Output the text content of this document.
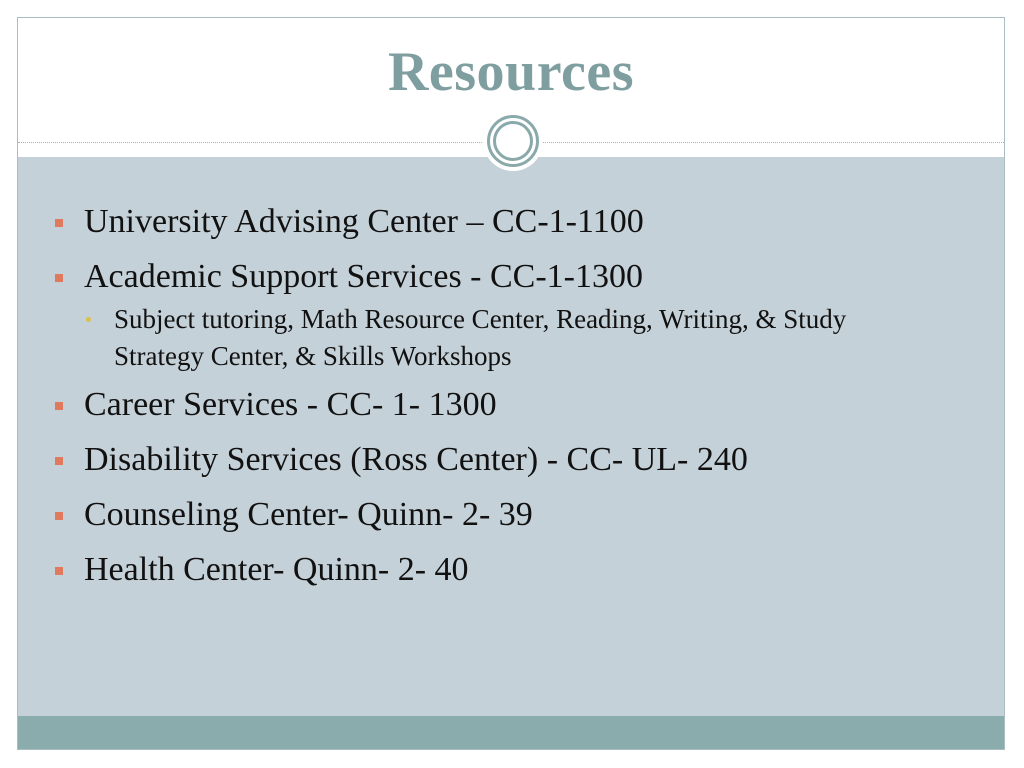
Resources
University Advising Center – CC-1-1100
Academic Support Services - CC-1-1300
Subject tutoring, Math Resource Center, Reading, Writing, & Study Strategy Center, & Skills Workshops
Career Services - CC- 1- 1300
Disability Services (Ross Center) - CC- UL- 240
Counseling Center- Quinn- 2- 39
Health Center- Quinn- 2- 40
